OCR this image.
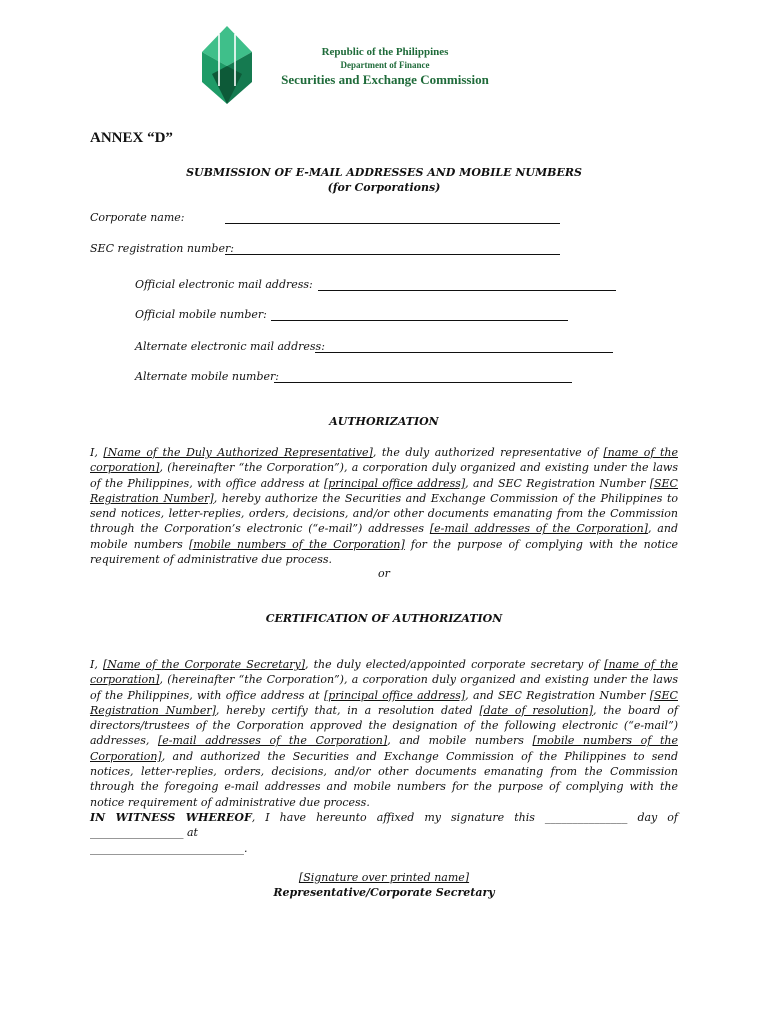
Republic of the Philippines
Department of Finance
Securities and Exchange Commission
ANNEX “D”
SUBMISSION OF E-MAIL ADDRESSES AND MOBILE NUMBERS
(for Corporations)
Corporate name:
SEC registration number:
Official electronic mail address:
Official mobile number:
Alternate electronic mail address:
Alternate mobile number:
AUTHORIZATION
I, [Name of the Duly Authorized Representative], the duly authorized representative of [name of the corporation], (hereinafter “the Corporation”), a corporation duly organized and existing under the laws of the Philippines, with office address at [principal office address], and SEC Registration Number [SEC Registration Number], hereby authorize the Securities and Exchange Commission of the Philippines to send notices, letter-replies, orders, decisions, and/or other documents emanating from the Commission through the Corporation’s electronic (“e-mail”) addresses [e-mail addresses of the Corporation], and mobile numbers [mobile numbers of the Corporation] for the purpose of complying with the notice requirement of administrative due process.
or
CERTIFICATION OF AUTHORIZATION
I, [Name of the Corporate Secretary], the duly elected/appointed corporate secretary of [name of the corporation], (hereinafter “the Corporation”), a corporation duly organized and existing under the laws of the Philippines, with office address at [principal office address], and SEC Registration Number [SEC Registration Number], hereby certify that, in a resolution dated [date of resolution], the board of directors/trustees of the Corporation approved the designation of the following electronic (“e-mail”) addresses, [e-mail addresses of the Corporation], and mobile numbers [mobile numbers of the Corporation], and authorized the Securities and Exchange Commission of the Philippines to send notices, letter-replies, orders, decisions, and/or other documents emanating from the Commission through the foregoing e-mail addresses and mobile numbers for the purpose of complying with the notice requirement of administrative due process.
IN WITNESS WHEREOF, I have hereunto affixed my signature this _______________ day of _________________ at
____________________________.
[Signature over printed name]
Representative/Corporate Secretary
